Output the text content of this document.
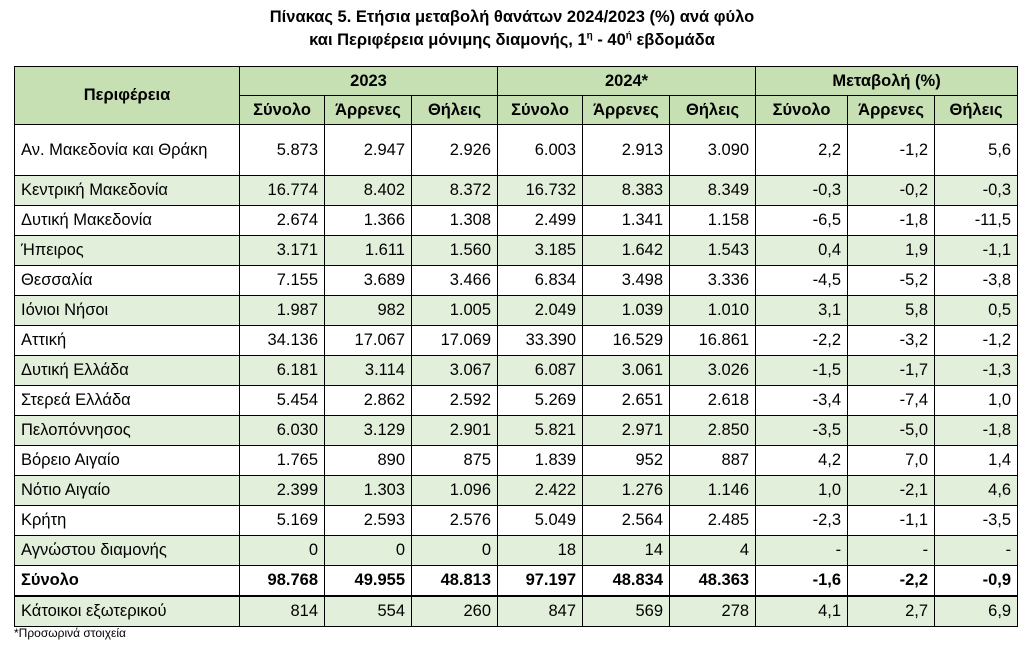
Πίνακας 5. Ετήσια μεταβολή θανάτων 2024/2023 (%) ανά φύλο
και Περιφέρεια μόνιμης διαμονής, $1^\eta - 40^ή$ εβδομάδα
Περιφέρεια	2023			2024*			Μεταβολή (%)		
	Σύνολο	Άρρενες	Θήλεις	Σύνολο	Άρρενες	Θήλεις	Σύνολο	Άρρενες	Θήλεις
Αν. Μακεδονία και Θράκη	5.873	2.947	2.926	6.003	2.913	3.090	2,2	-1,2	5,6
Κεντρική Μακεδονία	16.774	8.402	8.372	16.732	8.383	8.349	-0,3	-0,2	-0,3
Δυτική Μακεδονία	2.674	1.366	1.308	2.499	1.341	1.158	-6,5	-1,8	-11,5
Ήπειρος	3.171	1.611	1.560	3.185	1.642	1.543	0,4	1,9	-1,1
Θεσσαλία	7.155	3.689	3.466	6.834	3.498	3.336	-4,5	-5,2	-3,8
Ιόνιοι Νήσοι	1.987	982	1.005	2.049	1.039	1.010	3,1	5,8	0,5
Αττική	34.136	17.067	17.069	33.390	16.529	16.861	-2,2	-3,2	-1,2
Δυτική Ελλάδα	6.181	3.114	3.067	6.087	3.061	3.026	-1,5	-1,7	-1,3
Στερεά Ελλάδα	5.454	2.862	2.592	5.269	2.651	2.618	-3,4	-7,4	1,0
Πελοπόννησος	6.030	3.129	2.901	5.821	2.971	2.850	-3,5	-5,0	-1,8
Βόρειο Αιγαίο	1.765	890	875	1.839	952	887	4,2	7,0	1,4
Νότιο Αιγαίο	2.399	1.303	1.096	2.422	1.276	1.146	1,0	-2,1	4,6
Κρήτη	5.169	2.593	2.576	5.049	2.564	2.485	-2,3	-1,1	-3,5
Αγνώστου διαμονής	0	0	0	18	14	4	-	-	-
Σύνολο	98.768	49.955	48.813	97.197	48.834	48.363	-1,6	-2,2	-0,9
Κάτοικοι εξωτερικού	814	554	260	847	569	278	4,1	2,7	6,9
*Προσωρινά στοιχεία
